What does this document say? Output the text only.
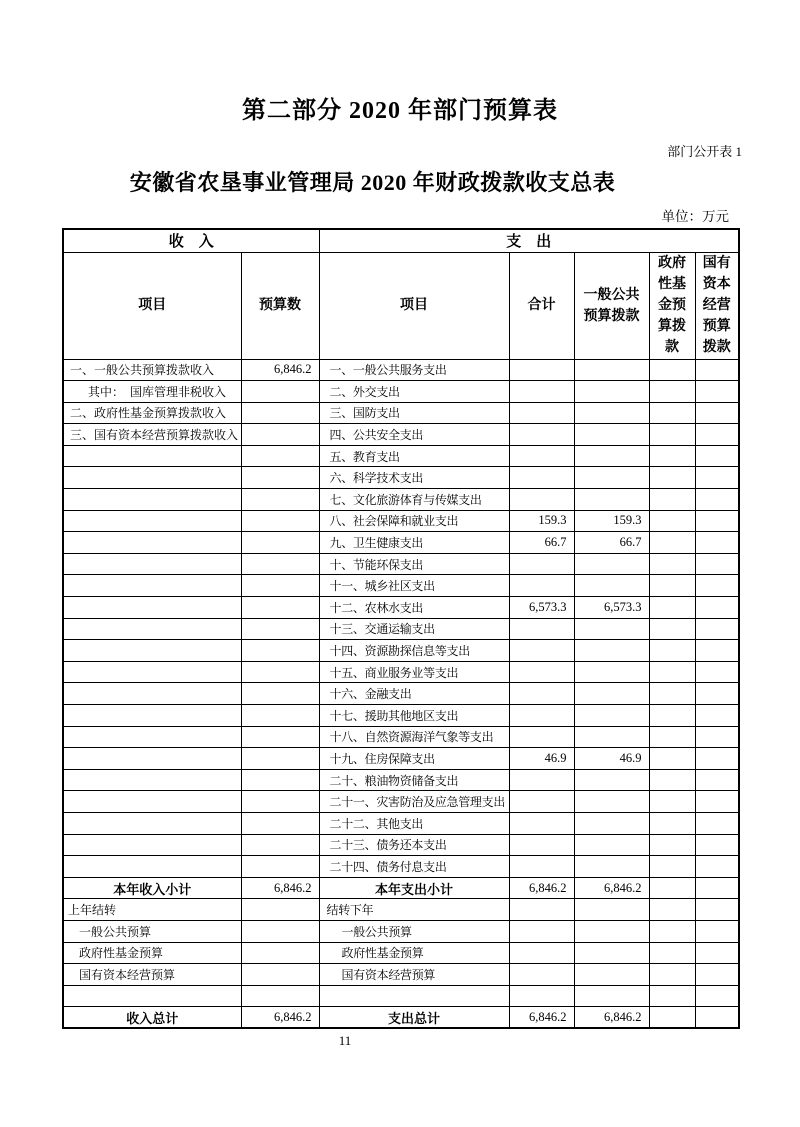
第二部分 2020 年部门预算表
部门公开表 1
安徽省农垦事业管理局 2020 年财政拨款收支总表
单位：万元
收　入		支　出				
项目	预算数	项目	合计	一般公共预算拨款	政府性基金预算拨款	国有资本经营预算拨款
一、一般公共预算拨款收入	6,846.2	一、一般公共服务支出				
其中：　国库管理非税收入		二、外交支出				
二、政府性基金预算拨款收入		三、国防支出				
三、国有资本经营预算拨款收入		四、公共安全支出				
		五、教育支出				
		六、科学技术支出				
		七、文化旅游体育与传媒支出				
		八、社会保障和就业支出	159.3	159.3		
		九、卫生健康支出	66.7	66.7		
		十、节能环保支出				
		十一、城乡社区支出				
		十二、农林水支出	6,573.3	6,573.3		
		十三、交通运输支出				
		十四、资源勘探信息等支出				
		十五、商业服务业等支出				
		十六、金融支出				
		十七、援助其他地区支出				
		十八、自然资源海洋气象等支出				
		十九、住房保障支出	46.9	46.9		
		二十、粮油物资储备支出				
		二十一、灾害防治及应急管理支出				
		二十二、其他支出				
		二十三、债务还本支出				
		二十四、债务付息支出				
本年收入小计	6,846.2	本年支出小计	6,846.2	6,846.2		
上年结转		结转下年				
一般公共预算		一般公共预算				
政府性基金预算		政府性基金预算				
国有资本经营预算		国有资本经营预算				

收入总计	6,846.2	支出总计	6,846.2	6,846.2		
11
